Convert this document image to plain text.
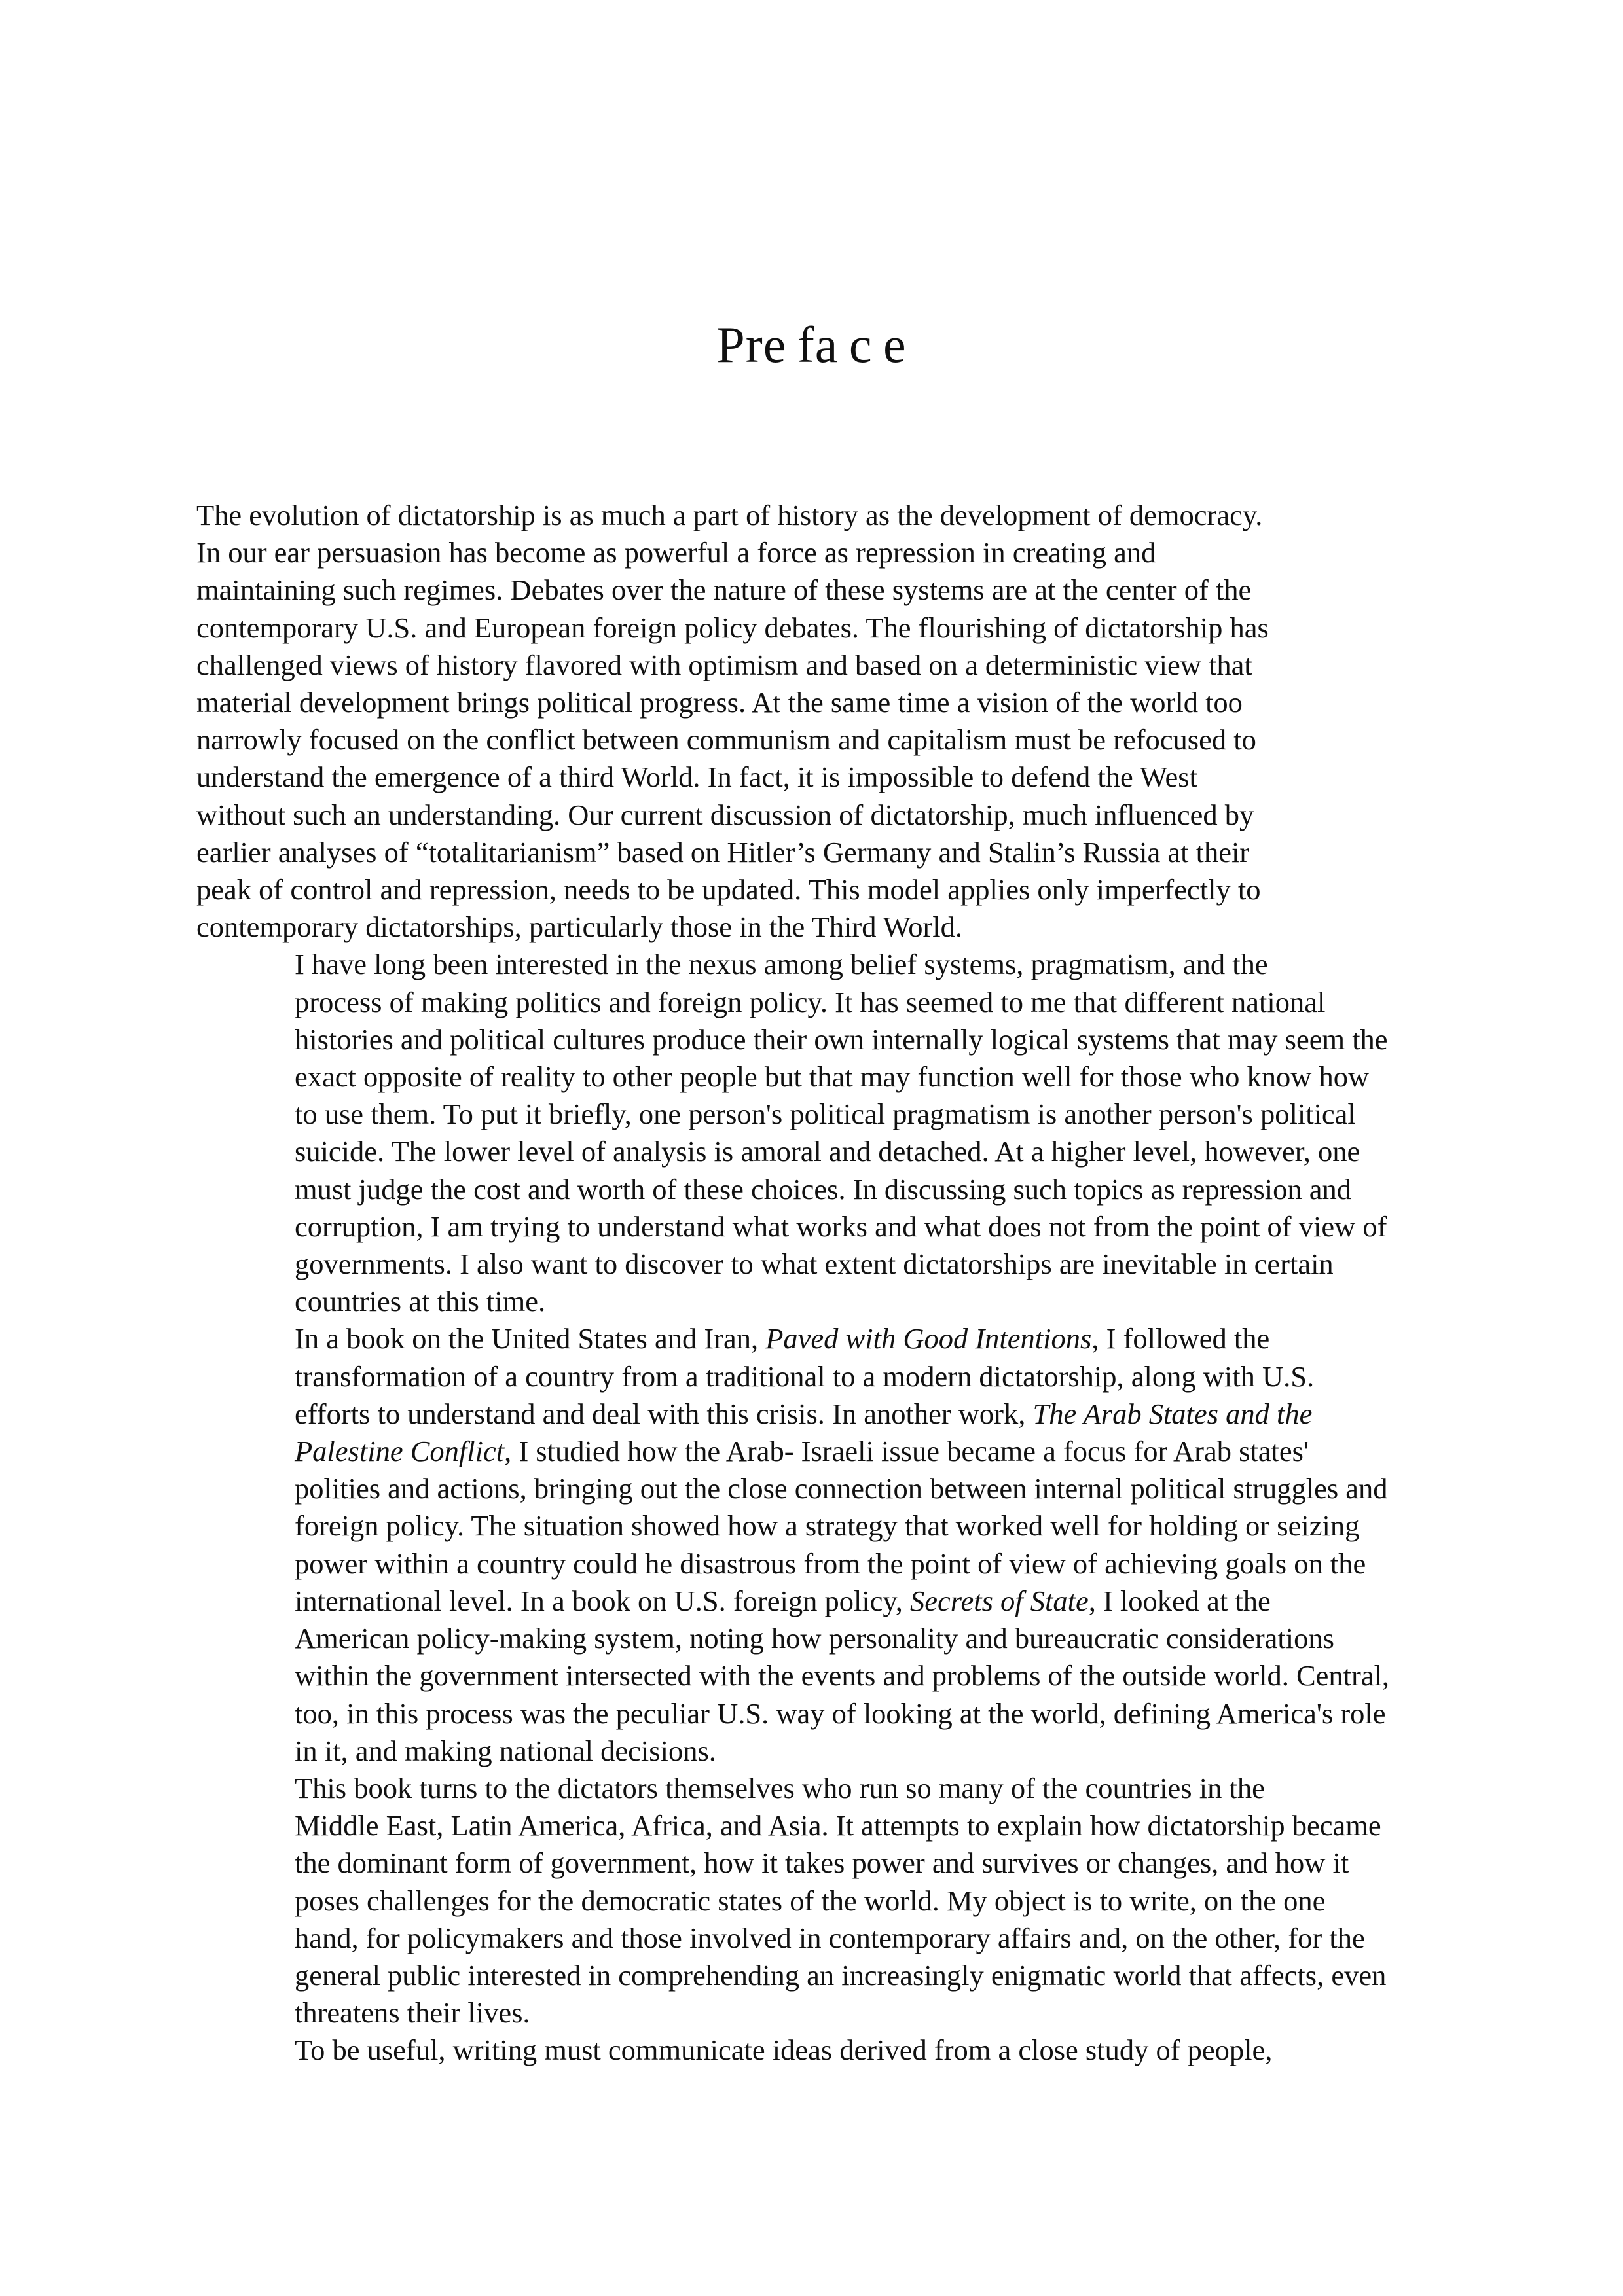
Pre fa c e

The evolution of dictatorship is as much a part of history as the development of democracy.
In our ear persuasion has become as powerful a force as repression in creating and
maintaining such regimes. Debates over the nature of these systems are at the center of the
contemporary U.S. and European foreign policy debates. The flourishing of dictatorship has
challenged views of history flavored with optimism and based on a deterministic view that
material development brings political progress. At the same time a vision of the world too
narrowly focused on the conflict between communism and capitalism must be refocused to
understand the emergence of a third World. In fact, it is impossible to defend the West
without such an understanding. Our current discussion of dictatorship, much influenced by
earlier analyses of “totalitarianism” based on Hitler’s Germany and Stalin’s Russia at their
peak of control and repression, needs to be updated. This model applies only imperfectly to
contemporary dictatorships, particularly those in the Third World.

I have long been interested in the nexus among belief systems, pragmatism, and the
process of making politics and foreign policy. It has seemed to me that different national
histories and political cultures produce their own internally logical systems that may seem the
exact opposite of reality to other people but that may function well for those who know how
to use them. To put it briefly, one person's political pragmatism is another person's political
suicide. The lower level of analysis is amoral and detached. At a higher level, however, one
must judge the cost and worth of these choices. In discussing such topics as repression and
corruption, I am trying to understand what works and what does not from the point of view of
governments. I also want to discover to what extent dictatorships are inevitable in certain
countries at this time.

In a book on the United States and Iran, Paved with Good Intentions, I followed the
transformation of a country from a traditional to a modern dictatorship, along with U.S.
efforts to understand and deal with this crisis. In another work, The Arab States and the
Palestine Conflict, I studied how the Arab- Israeli issue became a focus for Arab states'
polities and actions, bringing out the close connection between internal political struggles and
foreign policy. The situation showed how a strategy that worked well for holding or seizing
power within a country could he disastrous from the point of view of achieving goals on the
international level. In a book on U.S. foreign policy, Secrets of State, I looked at the
American policy-making system, noting how personality and bureaucratic considerations
within the government intersected with the events and problems of the outside world. Central,
too, in this process was the peculiar U.S. way of looking at the world, defining America's role
in it, and making national decisions.

This book turns to the dictators themselves who run so many of the countries in the
Middle East, Latin America, Africa, and Asia. It attempts to explain how dictatorship became
the dominant form of government, how it takes power and survives or changes, and how it
poses challenges for the democratic states of the world. My object is to write, on the one
hand, for policymakers and those involved in contemporary affairs and, on the other, for the
general public interested in comprehending an increasingly enigmatic world that affects, even
threatens their lives.

To be useful, writing must communicate ideas derived from a close study of people,
